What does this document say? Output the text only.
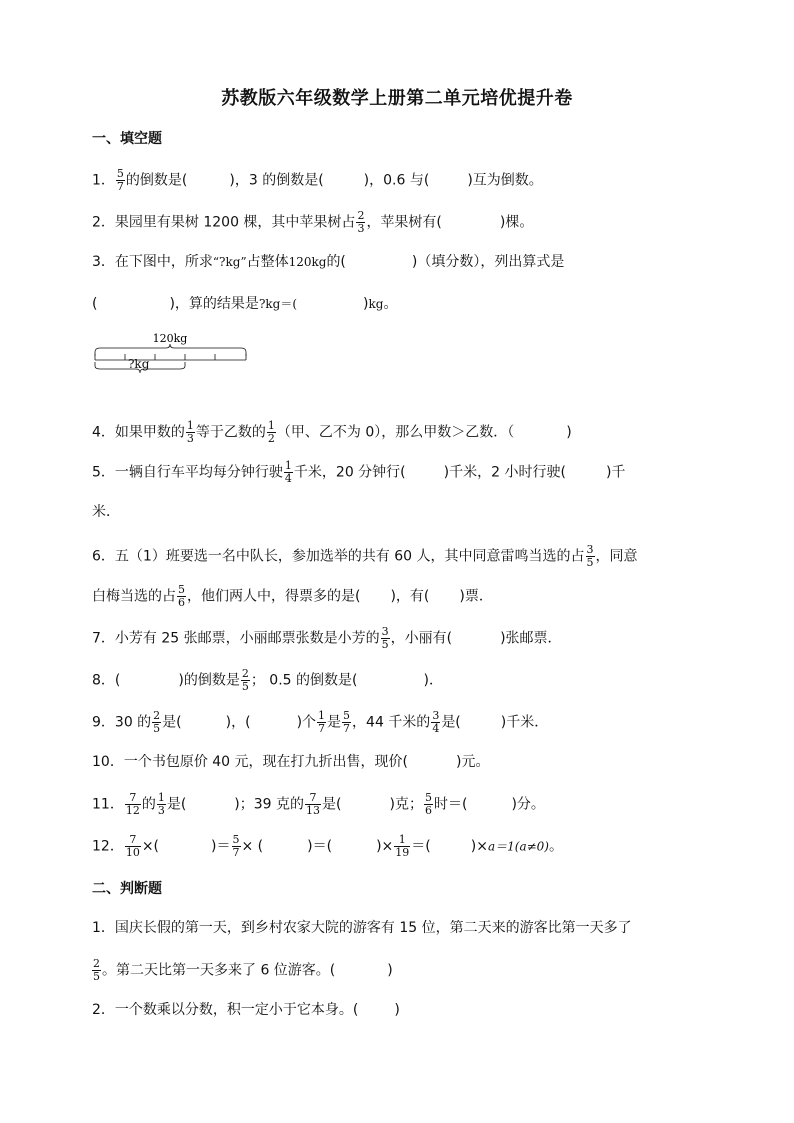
苏教版六年级数学上册第二单元培优提升卷
一、填空题
1． $\frac{5}{7}$ 的倒数是(	)，3 的倒数是(	)，0.6 与(	)互为倒数。
2．果园里有果树 1200 棵，其中苹果树占 $\frac{2}{3}$ ，苹果树有(	)棵。
3．在下图中，所求“?kg”占整体120kg的(	)（填分数），列出算式是
(	)，算的结果是?kg＝(	)kg。
120kg
?kg
4．如果甲数的 $\frac{1}{3}$ 等于乙数的 $\frac{1}{2}$ （甲、乙不为 0），那么甲数＞乙数．（	)
5．一辆自行车平均每分钟行驶 $\frac{1}{4}$ 千米，20 分钟行(	)千米，2 小时行驶(	)千
米．
6．五（1）班要选一名中队长，参加选举的共有 60 人，其中同意雷鸣当选的占 $\frac{3}{5}$ ，同意
白梅当选的占 $\frac{5}{6}$ ，他们两人中，得票多的是( )，有( )票．
7．小芳有 25 张邮票，小丽邮票张数是小芳的 $\frac{3}{5}$ ，小丽有(	)张邮票．
8．(	)的倒数是 $\frac{2}{5}$ ； 0.5 的倒数是(	)．
9．30 的 $\frac{2}{5}$ 是(	)，(	)个 $\frac{1}{7}$ 是 $\frac{5}{7}$ ，44 千米的 $\frac{3}{4}$ 是(	)千米．
10．一个书包原价 40 元，现在打九折出售，现价(	)元。
11． $\frac{7}{12}$ 的 $\frac{1}{3}$ 是(	)；39 克的 $\frac{7}{13}$ 是(	)克； $\frac{5}{6}$ 时＝(	)分。
12． $\frac{7}{10}$ ×(	)＝ $\frac{5}{7}$ × (	)＝(	)× $\frac{1}{19}$ ＝(	)×a＝1(a≠0)。
二、判断题
1．国庆长假的第一天，到乡村农家大院的游客有 15 位，第二天来的游客比第一天多了
$\frac{2}{5}$ 。第二天比第一天多来了 6 位游客。(	)
2．一个数乘以分数，积一定小于它本身。(	)
